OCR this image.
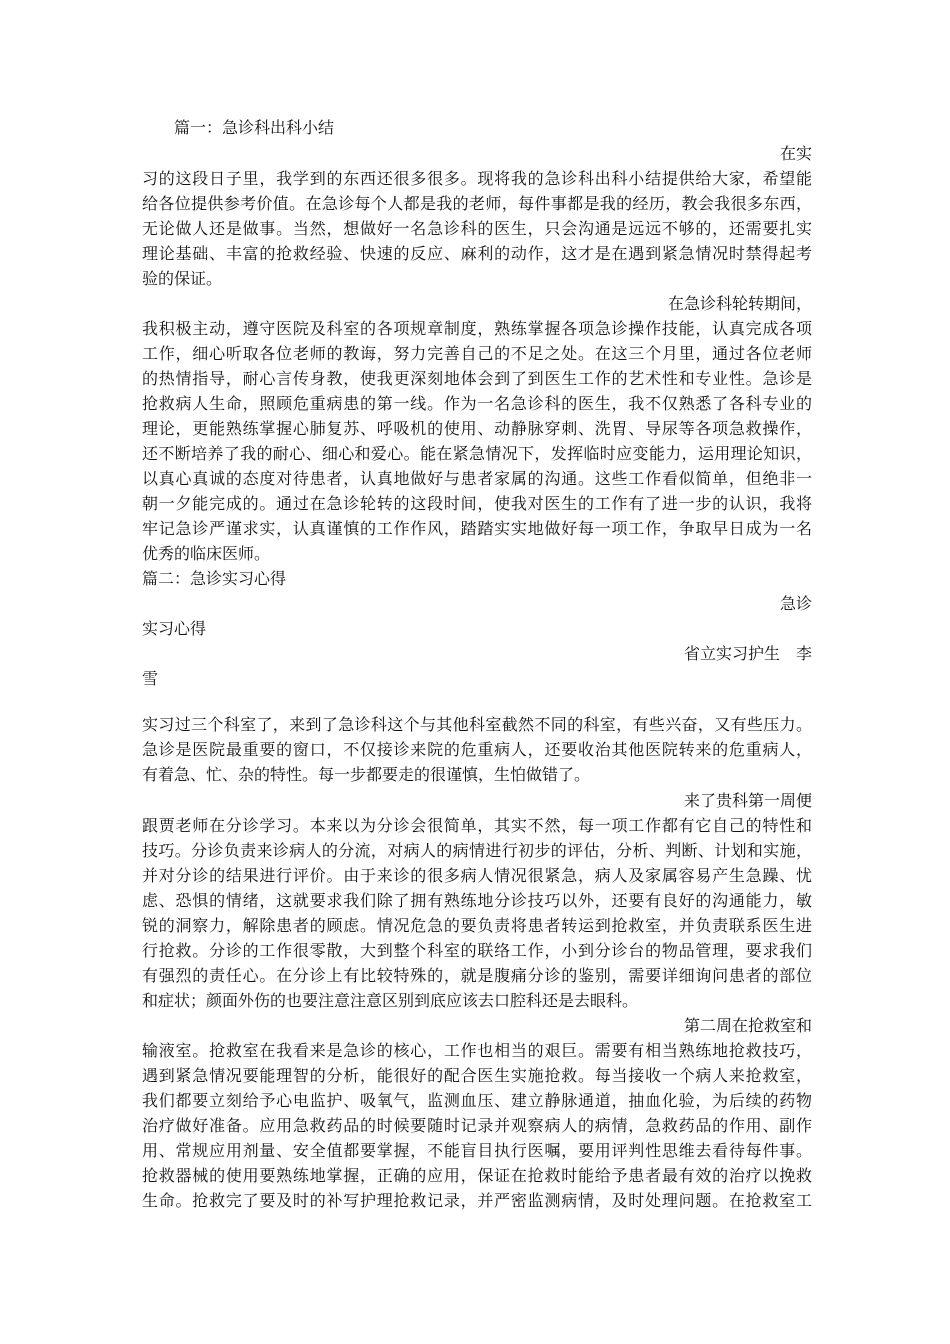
篇一：急诊科出科小结
在实
习的这段日子里，我学到的东西还很多很多。现将我的急诊科出科小结提供给大家，希望能
给各位提供参考价值。在急诊每个人都是我的老师，每件事都是我的经历，教会我很多东西，
无论做人还是做事。当然，想做好一名急诊科的医生，只会沟通是远远不够的，还需要扎实
理论基础、丰富的抢救经验、快速的反应、麻利的动作，这才是在遇到紧急情况时禁得起考
验的保证。
在急诊科轮转期间，
我积极主动，遵守医院及科室的各项规章制度，熟练掌握各项急诊操作技能，认真完成各项
工作，细心听取各位老师的教诲，努力完善自己的不足之处。在这三个月里，通过各位老师
的热情指导，耐心言传身教，使我更深刻地体会到了到医生工作的艺术性和专业性。急诊是
抢救病人生命，照顾危重病患的第一线。作为一名急诊科的医生，我不仅熟悉了各科专业的
理论，更能熟练掌握心肺复苏、呼吸机的使用、动静脉穿刺、洗胃、导尿等各项急救操作，
还不断培养了我的耐心、细心和爱心。能在紧急情况下，发挥临时应变能力，运用理论知识，
以真心真诚的态度对待患者，认真地做好与患者家属的沟通。这些工作看似简单，但绝非一
朝一夕能完成的。通过在急诊轮转的这段时间，使我对医生的工作有了进一步的认识，我将
牢记急诊严谨求实，认真谨慎的工作作风，踏踏实实地做好每一项工作，争取早日成为一名
优秀的临床医师。
篇二：急诊实习心得
急诊
实习心得
省立实习护生　李
雪
实习过三个科室了，来到了急诊科这个与其他科室截然不同的科室，有些兴奋，又有些压力。
急诊是医院最重要的窗口，不仅接诊来院的危重病人，还要收治其他医院转来的危重病人，
有着急、忙、杂的特性。每一步都要走的很谨慎，生怕做错了。
来了贵科第一周便
跟贾老师在分诊学习。本来以为分诊会很简单，其实不然，每一项工作都有它自己的特性和
技巧。分诊负责来诊病人的分流，对病人的病情进行初步的评估，分析、判断、计划和实施，
并对分诊的结果进行评价。由于来诊的很多病人情况很紧急，病人及家属容易产生急躁、忧
虑、恐惧的情绪，这就要求我们除了拥有熟练地分诊技巧以外，还要有良好的沟通能力，敏
锐的洞察力，解除患者的顾虑。情况危急的要负责将患者转运到抢救室，并负责联系医生进
行抢救。分诊的工作很零散，大到整个科室的联络工作，小到分诊台的物品管理，要求我们
有强烈的责任心。在分诊上有比较特殊的，就是腹痛分诊的鉴别，需要详细询问患者的部位
和症状；颜面外伤的也要注意注意区别到底应该去口腔科还是去眼科。
第二周在抢救室和
输液室。抢救室在我看来是急诊的核心，工作也相当的艰巨。需要有相当熟练地抢救技巧，
遇到紧急情况要能理智的分析，能很好的配合医生实施抢救。每当接收一个病人来抢救室，
我们都要立刻给予心电监护、吸氧气，监测血压、建立静脉通道，抽血化验，为后续的药物
治疗做好准备。应用急救药品的时候要随时记录并观察病人的病情，急救药品的作用、副作
用、常规应用剂量、安全值都要掌握，不能盲目执行医嘱，要用评判性思维去看待每件事。
抢救器械的使用要熟练地掌握，正确的应用，保证在抢救时能给予患者最有效的治疗以挽救
生命。抢救完了要及时的补写护理抢救记录，并严密监测病情，及时处理问题。在抢救室工
